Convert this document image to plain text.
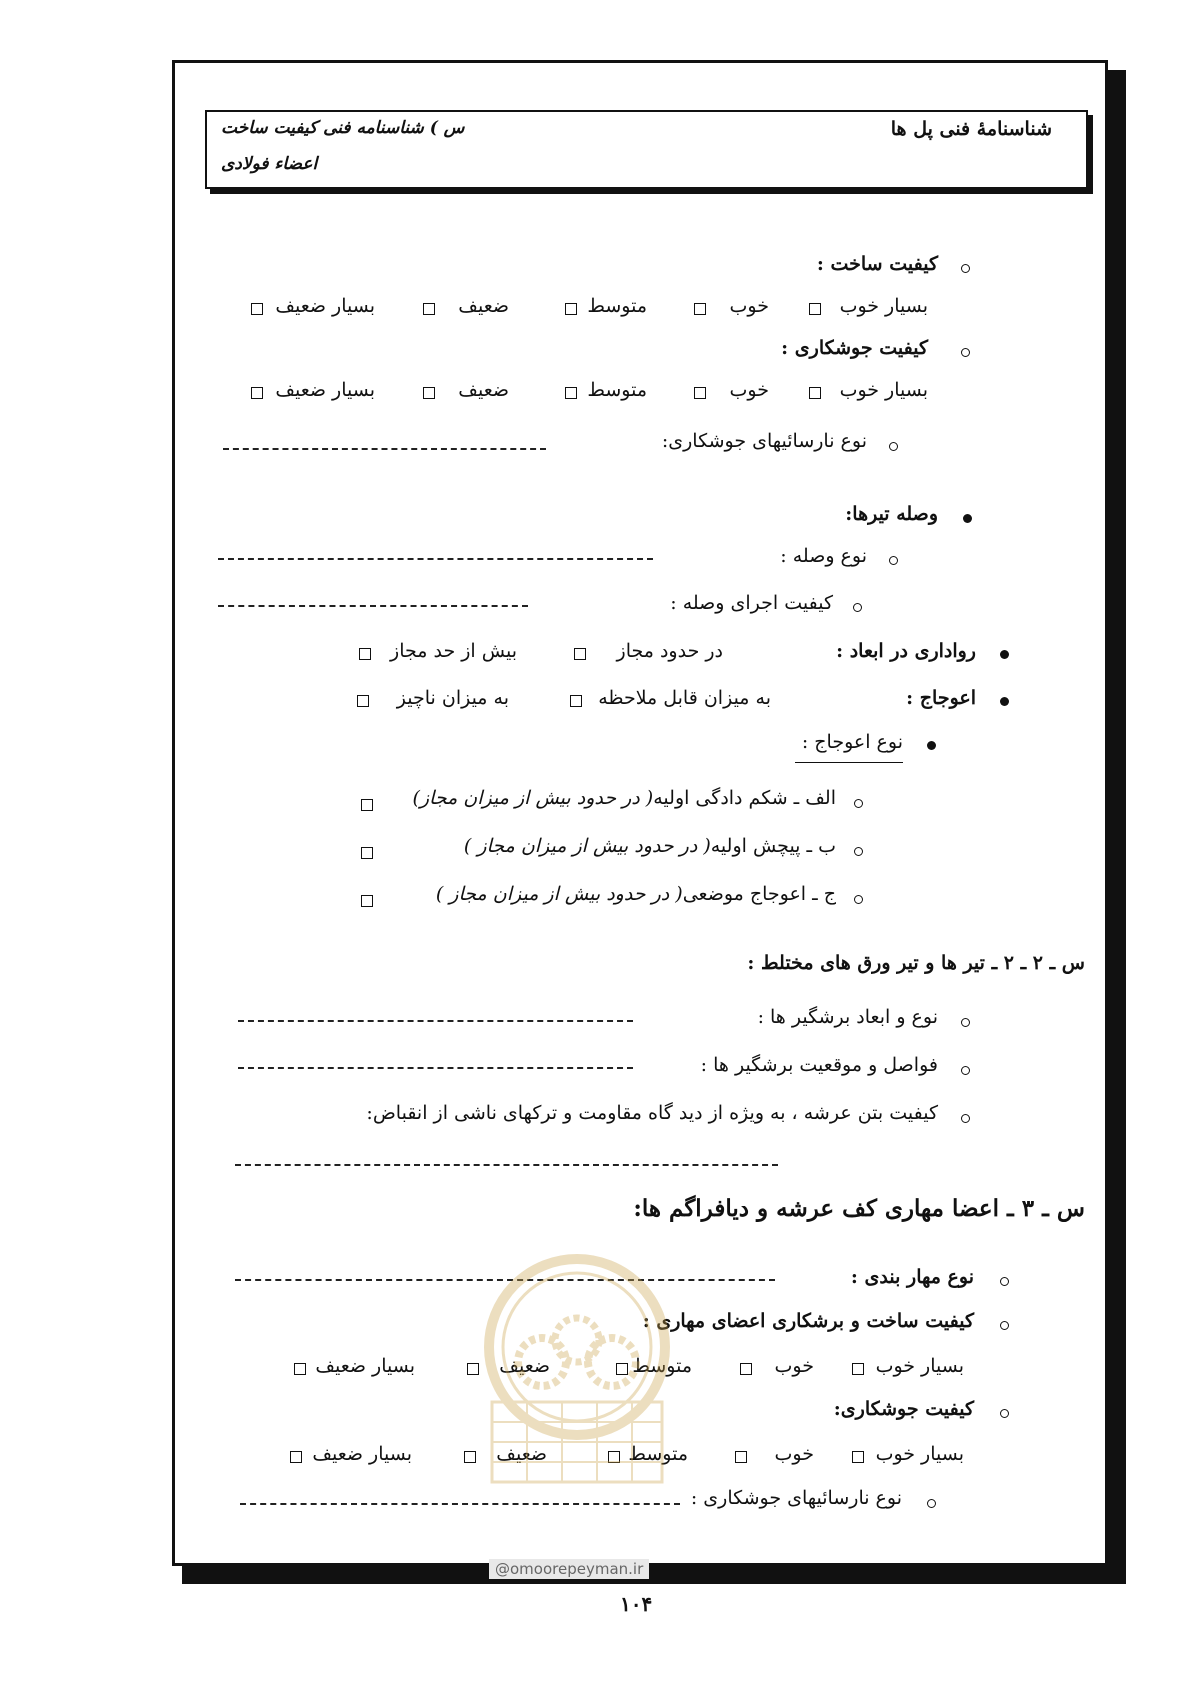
شناسنامهٔ فنی پل ها
س ) شناسنامه فنی کیفیت ساخت
اعضاء فولادی
کیفیت ساخت :
بسیار خوب
خوب
متوسط
ضعیف
بسیار ضعیف
کیفیت جوشکاری :
بسیار خوب
خوب
متوسط
ضعیف
بسیار ضعیف
نوع نارسائیهای جوشکاری:
وصله تیرها:
نوع وصله :
کیفیت اجرای وصله :
رواداری در ابعاد :
در حدود مجاز
بیش از حد مجاز
اعوجاج :
به میزان قابل ملاحظه
به میزان ناچیز
نوع اعوجاج :
الف ـ شکم دادگی اولیه( در حدود بیش از میزان مجاز)
ب ـ پیچش اولیه( در حدود بیش از میزان مجاز )
ج ـ اعوجاج موضعی( در حدود بیش از میزان مجاز )
س ـ ۲ ـ ۲ ـ تیر ها و تیر ورق های مختلط :
نوع و ابعاد برشگیر ها :
فواصل و موقعیت برشگیر ها :
کیفیت بتن عرشه ، به ویژه از دید گاه مقاومت و ترکهای ناشی از انقباض:
س ـ ۳ ـ اعضا مهاری کف عرشه و دیافراگم ها:
نوع مهار بندی :
کیفیت ساخت و برشکاری اعضای مهاری :
بسیار خوب
خوب
متوسط
ضعیف
بسیار ضعیف
کیفیت جوشکاری:
بسیار خوب
خوب
متوسط
ضعیف
بسیار ضعیف
نوع نارسائیهای جوشکاری :
@omoorepeyman.ir
۱۰۴
